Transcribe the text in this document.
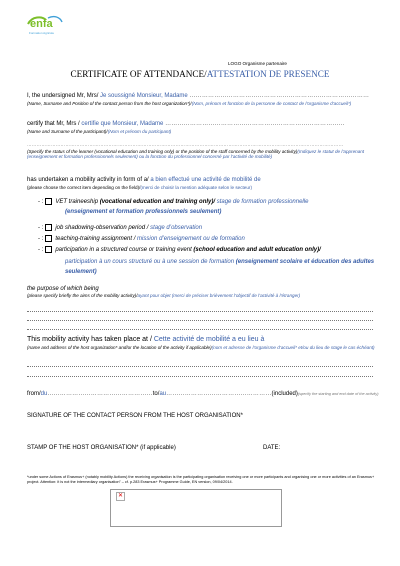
enfa
Formation Agricole
LOGO Organisme partenaire
CERTIFICATE OF ATTENDANCE/ATTESTATION DE PRESENCE
I, the undersigned Mr, Mrs/ Je soussigné Monsieur, Madame ……………………………………………………………………………
(Name, Surname and Position of the contact person from the host organization*)/(Nom, prénom et fonction de la personne de contact de l’organisme d’accueil*)
certify that Mr, Mrs / certifie que Monsieur, Madame ……………………………………………………………………………
(Name and Surname of the participant)/(Nom et prénom du participant)
………………………………………………………………………………………………………………………………………………………………………………
(Specify the status of the learner (vocational education and training only) or the position of the staff concerned by the mobility activity)(Indiquez le statut de l’apprenant (enseignement et formation professionnels seulement) ou la fonction du professionnel concerné par l’activité de mobilité)
has undertaken a mobility activity in form of a/ a bien effectué une activité de mobilité de
(please choose the correct item depending on the field)/(merci de choisir la mention adéquate selon le secteur)
- : VET traineeship (vocational education and training only)/ stage de formation professionnelle
(enseignement et formation professionnels seulement)
- : job shadowing-observation period / stage d’observation
- : teaching-training assignment / mission d’enseignement ou de formation
- : participation in a structured course or training event (school education and adult education only)/
participation à un cours structuré ou à une session de formation (enseignement scolaire et éducation des adultes seulement)
the purpose of which being
(please specify briefly the aims of the mobility activity)/ayant pour objet (merci de préciser brièvement l’objectif de l’activité à l’étranger)
This mobility activity has taken place at / Cette activité de mobilité a eu lieu à
(name and address of the host organization* and/or the location of the activity if applicable)(nom et adresse de l’organisme d’accueil* et/ou du lieu de stage le cas échéant)
from/du……………………………………………to/au……………………………………………(included)(specify the starting and end date of the activity)
SIGNATURE OF THE CONTACT PERSON FROM THE HOST ORGANISATION*
STAMP OF THE HOST ORGANISATION* (if applicable)	DATE:
*under some Actions of Erasmus+ (notably mobility Actions) the receiving organisation is the participating organisation receiving one or more participants and organising one or more activities of an Erasmus+ project. Attention: it is not the intermediary organisation” – cf. p.283 Erasmus+ Programme Guide, EN version, 09/04/2014.
✕
